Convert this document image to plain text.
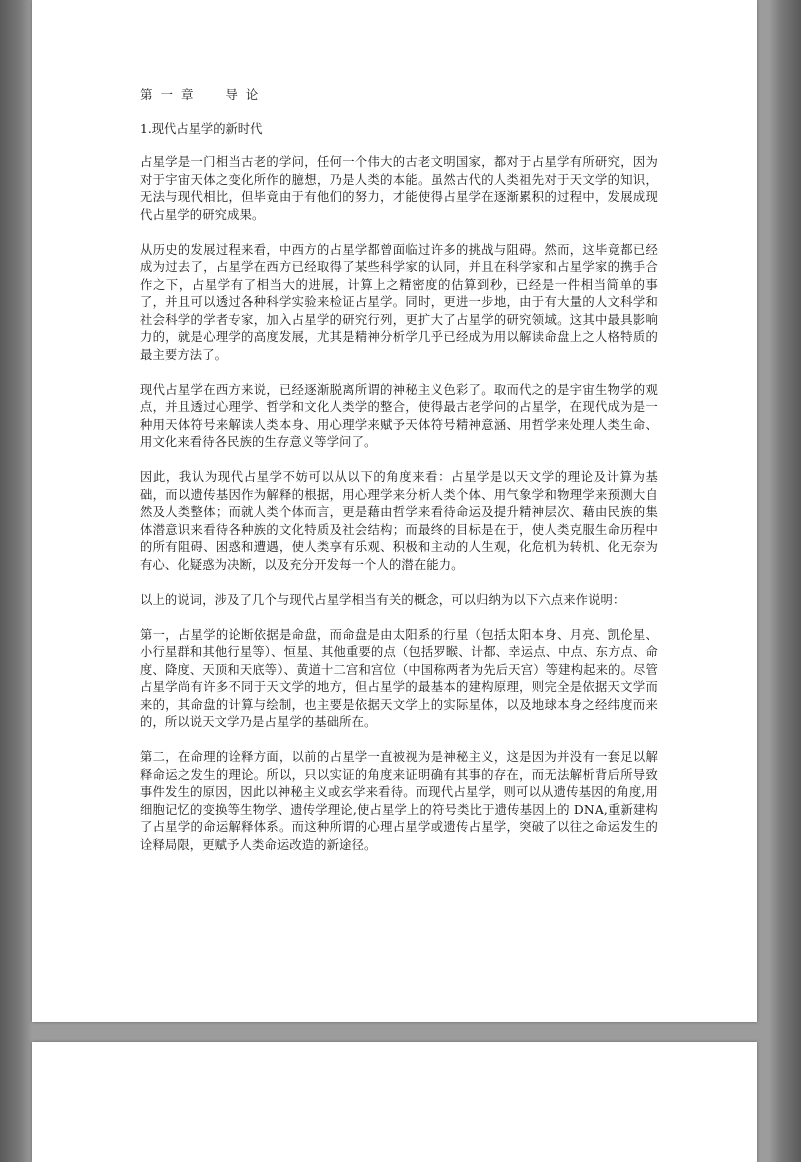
第 一 章     导 论
1.现代占星学的新时代

占星学是一门相当古老的学问，任何一个伟大的古老文明国家，都对于占星学有所研究，因为对于宇宙天体之变化所作的臆想，乃是人类的本能。虽然古代的人类祖先对于天文学的知识，无法与现代相比，但毕竟由于有他们的努力，才能使得占星学在逐渐累积的过程中，发展成现代占星学的研究成果。

从历史的发展过程来看，中西方的占星学都曾面临过许多的挑战与阻碍。然而，这毕竟都已经成为过去了，占星学在西方已经取得了某些科学家的认同，并且在科学家和占星学家的携手合作之下，占星学有了相当大的进展，计算上之精密度的估算到秒，已经是一件相当简单的事了，并且可以透过各种科学实验来检证占星学。同时，更进一步地，由于有大量的人文科学和社会科学的学者专家，加入占星学的研究行列，更扩大了占星学的研究领域。这其中最具影响力的，就是心理学的高度发展，尤其是精神分析学几乎已经成为用以解读命盘上之人格特质的最主要方法了。

现代占星学在西方来说，已经逐渐脱离所谓的神秘主义色彩了。取而代之的是宇宙生物学的观点，并且透过心理学、哲学和文化人类学的整合，使得最古老学问的占星学，在现代成为是一种用天体符号来解读人类本身、用心理学来赋予天体符号精神意涵、用哲学来处理人类生命、用文化来看待各民族的生存意义等学问了。

因此，我认为现代占星学不妨可以从以下的角度来看：占星学是以天文学的理论及计算为基础，而以遗传基因作为解释的根据，用心理学来分析人类个体、用气象学和物理学来预测大自然及人类整体；而就人类个体而言，更是藉由哲学来看待命运及提升精神层次、藉由民族的集体潜意识来看待各种族的文化特质及社会结构；而最终的目标是在于，使人类克服生命历程中的所有阻碍、困惑和遭遇，使人类享有乐观、积极和主动的人生观，化危机为转机、化无奈为有心、化疑惑为决断，以及充分开发每一个人的潜在能力。

以上的说词，涉及了几个与现代占星学相当有关的概念，可以归纳为以下六点来作说明：

第一，占星学的论断依据是命盘，而命盘是由太阳系的行星（包括太阳本身、月亮、凯伦星、小行星群和其他行星等）、恒星、其他重要的点（包括罗睺、计都、幸运点、中点、东方点、命度、降度、天顶和天底等）、黄道十二宫和宫位（中国称两者为先后天宫）等建构起来的。尽管占星学尚有许多不同于天文学的地方，但占星学的最基本的建构原理，则完全是依据天文学而来的，其命盘的计算与绘制，也主要是依据天文学上的实际星体，以及地球本身之经纬度而来的，所以说天文学乃是占星学的基础所在。

第二，在命理的诠释方面，以前的占星学一直被视为是神秘主义，这是因为并没有一套足以解释命运之发生的理论。所以，只以实证的角度来证明确有其事的存在，而无法解析背后所导致事件发生的原因，因此以神秘主义或玄学来看待。而现代占星学，则可以从遗传基因的角度,用细胞记忆的变换等生物学、遗传学理论,使占星学上的符号类比于遗传基因上的 DNA,重新建构了占星学的命运解释体系。而这种所谓的心理占星学或遗传占星学，突破了以往之命运发生的诠释局限，更赋予人类命运改造的新途径。
